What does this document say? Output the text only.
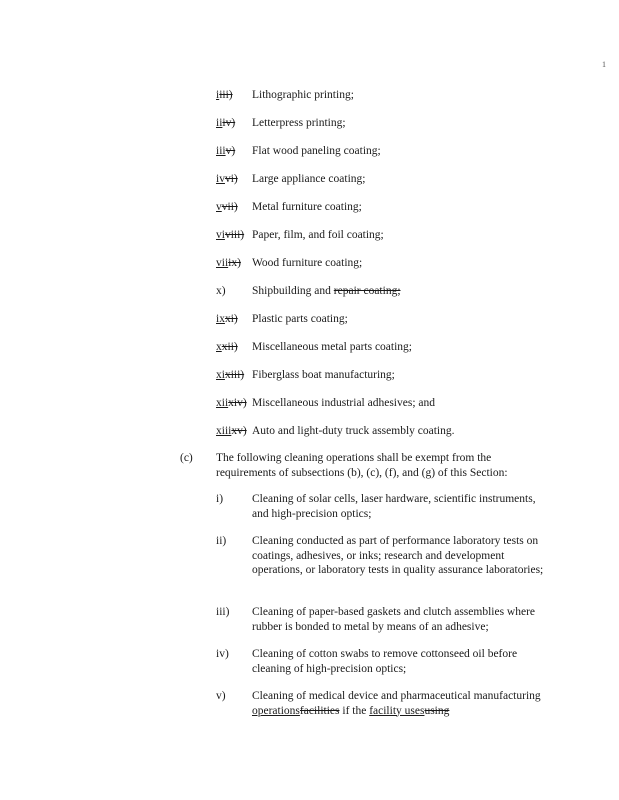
1
iiii) Lithographic printing;
iiiv) Letterpress printing;
iiiv) Flat wood paneling coating;
ivvi) Large appliance coating;
vvii) Metal furniture coating;
viviii) Paper, film, and foil coating;
viiix) Wood furniture coating;
x) Shipbuilding and repair coating;
ixxi) Plastic parts coating;
xxii) Miscellaneous metal parts coating;
xixiii) Fiberglass boat manufacturing;
xiixiv) Miscellaneous industrial adhesives; and
xiiixv) Auto and light-duty truck assembly coating.
(c) The following cleaning operations shall be exempt from the requirements of subsections (b), (c), (f), and (g) of this Section:
i)	Cleaning of solar cells, laser hardware, scientific instruments, and high-precision optics;
ii) Cleaning conducted as part of performance laboratory tests on coatings, adhesives, or inks; research and development operations, or laboratory tests in quality assurance laboratories;
iii) Cleaning of paper-based gaskets and clutch assemblies where rubber is bonded to metal by means of an adhesive;
iv) Cleaning of cotton swabs to remove cottonseed oil before cleaning of high-precision optics;
v) Cleaning of medical device and pharmaceutical manufacturing operationsfacilities if the facility usesusing
